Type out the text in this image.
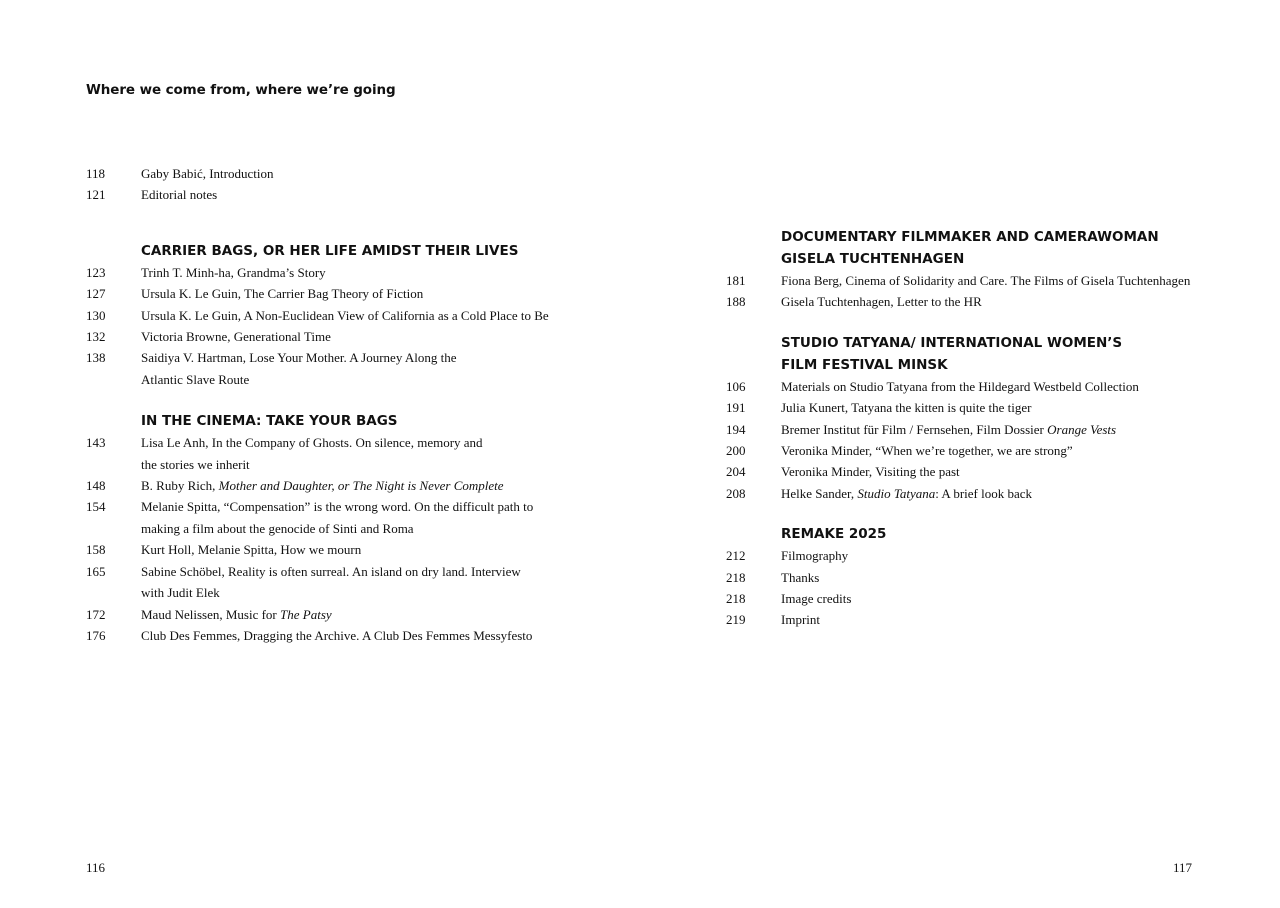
Where we come from, where we’re going
118	Gaby Babić, Introduction
121	Editorial notes
CARRIER BAGS, OR HER LIFE AMIDST THEIR LIVES
123	Trinh T. Minh-ha, Grandma’s Story
127	Ursula K. Le Guin, The Carrier Bag Theory of Fiction
130	Ursula K. Le Guin, A Non-Euclidean View of California as a Cold Place to Be
132	Victoria Browne, Generational Time
138	Saidiya V. Hartman, Lose Your Mother. A Journey Along the
Atlantic Slave Route
IN THE CINEMA: TAKE YOUR BAGS
143	Lisa Le Anh, In the Company of Ghosts. On silence, memory and
the stories we inherit
148	B. Ruby Rich, Mother and Daughter, or The Night is Never Complete
154	Melanie Spitta, “Compensation” is the wrong word. On the difficult path to
making a film about the genocide of Sinti and Roma
158	Kurt Holl, Melanie Spitta, How we mourn
165	Sabine Schöbel, Reality is often surreal. An island on dry land. Interview
with Judit Elek
172	Maud Nelissen, Music for The Patsy
176	Club Des Femmes, Dragging the Archive. A Club Des Femmes Messyfesto
DOCUMENTARY FILMMAKER AND CAMERAWOMAN
GISELA TUCHTENHAGEN
181	Fiona Berg, Cinema of Solidarity and Care. The Films of Gisela Tuchtenhagen
188	Gisela Tuchtenhagen, Letter to the HR
STUDIO TATYANA/ INTERNATIONAL WOMEN’S
FILM FESTIVAL MINSK
106	Materials on Studio Tatyana from the Hildegard Westbeld Collection
191	Julia Kunert, Tatyana the kitten is quite the tiger
194	Bremer Institut für Film / Fernsehen, Film Dossier Orange Vests
200	Veronika Minder, “When we’re together, we are strong”
204	Veronika Minder, Visiting the past
208	Helke Sander, Studio Tatyana: A brief look back
REMAKE 2025
212	Filmography
218	Thanks
218	Image credits
219	Imprint
116	117
